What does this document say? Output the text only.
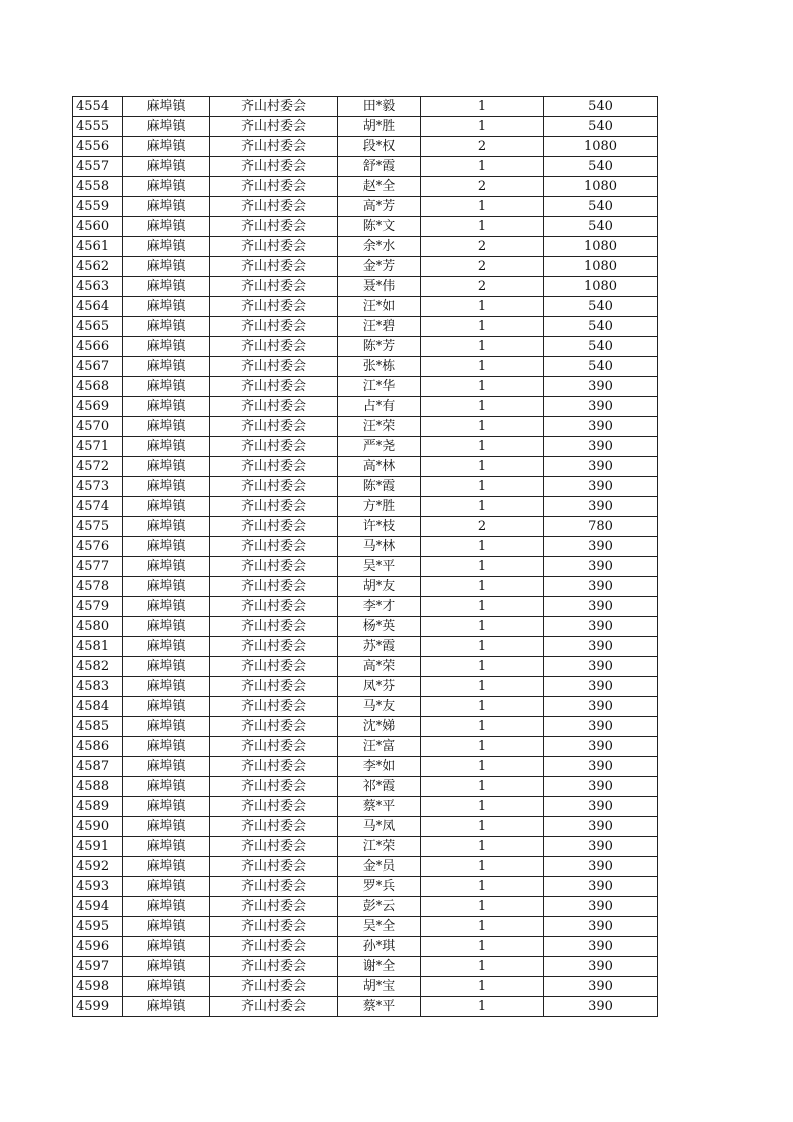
4554	麻埠镇	齐山村委会	田*毅	1	540
4555	麻埠镇	齐山村委会	胡*胜	1	540
4556	麻埠镇	齐山村委会	段*权	2	1080
4557	麻埠镇	齐山村委会	舒*霞	1	540
4558	麻埠镇	齐山村委会	赵*全	2	1080
4559	麻埠镇	齐山村委会	高*芳	1	540
4560	麻埠镇	齐山村委会	陈*文	1	540
4561	麻埠镇	齐山村委会	余*水	2	1080
4562	麻埠镇	齐山村委会	金*芳	2	1080
4563	麻埠镇	齐山村委会	聂*伟	2	1080
4564	麻埠镇	齐山村委会	汪*如	1	540
4565	麻埠镇	齐山村委会	汪*碧	1	540
4566	麻埠镇	齐山村委会	陈*芳	1	540
4567	麻埠镇	齐山村委会	张*栋	1	540
4568	麻埠镇	齐山村委会	江*华	1	390
4569	麻埠镇	齐山村委会	占*有	1	390
4570	麻埠镇	齐山村委会	汪*荣	1	390
4571	麻埠镇	齐山村委会	严*尧	1	390
4572	麻埠镇	齐山村委会	高*林	1	390
4573	麻埠镇	齐山村委会	陈*霞	1	390
4574	麻埠镇	齐山村委会	方*胜	1	390
4575	麻埠镇	齐山村委会	许*枝	2	780
4576	麻埠镇	齐山村委会	马*林	1	390
4577	麻埠镇	齐山村委会	吴*平	1	390
4578	麻埠镇	齐山村委会	胡*友	1	390
4579	麻埠镇	齐山村委会	李*才	1	390
4580	麻埠镇	齐山村委会	杨*英	1	390
4581	麻埠镇	齐山村委会	苏*霞	1	390
4582	麻埠镇	齐山村委会	高*荣	1	390
4583	麻埠镇	齐山村委会	凤*芬	1	390
4584	麻埠镇	齐山村委会	马*友	1	390
4585	麻埠镇	齐山村委会	沈*娣	1	390
4586	麻埠镇	齐山村委会	汪*富	1	390
4587	麻埠镇	齐山村委会	李*如	1	390
4588	麻埠镇	齐山村委会	祁*霞	1	390
4589	麻埠镇	齐山村委会	蔡*平	1	390
4590	麻埠镇	齐山村委会	马*凤	1	390
4591	麻埠镇	齐山村委会	江*荣	1	390
4592	麻埠镇	齐山村委会	金*员	1	390
4593	麻埠镇	齐山村委会	罗*兵	1	390
4594	麻埠镇	齐山村委会	彭*云	1	390
4595	麻埠镇	齐山村委会	吴*全	1	390
4596	麻埠镇	齐山村委会	孙*琪	1	390
4597	麻埠镇	齐山村委会	谢*全	1	390
4598	麻埠镇	齐山村委会	胡*宝	1	390
4599	麻埠镇	齐山村委会	蔡*平	1	390
